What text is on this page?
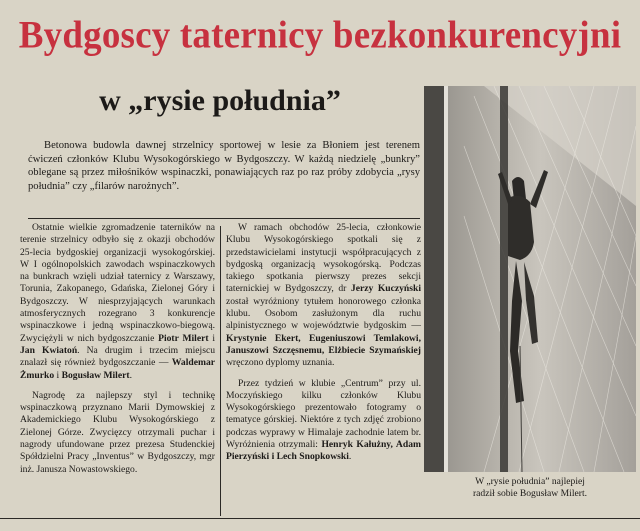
Bydgoscy taternicy bezkonkurencyjni
w „rysie południa”
Betonowa budowla dawnej strzelnicy sportowej w lesie za Błoniem jest terenem ćwiczeń członków Klubu Wysokogórskiego w Bydgoszczy. W każdą niedzielę „bunkry” oblegane są przez miłośników wspinaczki, ponawiających raz po raz próby zdobycia „rysy południa” czy „filarów narożnych”.

Ostatnie wielkie zgromadzenie taterników na terenie strzelnicy odbyło się z okazji obchodów 25-lecia bydgoskiej organizacji wysokogórskiej. W I ogólnopolskich zawodach wspinaczkowych na bunkrach wzięli udział taternicy z Warszawy, Torunia, Zakopanego, Gdańska, Zielonej Góry i Bydgoszczy. W niesprzyjających warunkach atmosferycznych rozegrano 3 konkurencje wspinaczkowe i jedną wspinaczkowo-biegową. Zwyciężyli w nich bydgoszczanie Piotr Milert i Jan Kwiatoń. Na drugim i trzecim miejscu znalazł się również bydgoszczanie — Waldemar Żmurko i Bogusław Milert.

Nagrodę za najlepszy styl i technikę wspinaczkową przyznano Marii Dymowskiej z Akademickiego Klubu Wysokogórskiego z Zielonej Górze. Zwycięzcy otrzymali puchar i nagrody ufundowane przez prezesa Studenckiej Spółdzielni Pracy „Inventus” w Bydgoszczy, mgr inż. Janusza Nowastowskiego.

W ramach obchodów 25-lecia, członkowie Klubu Wysokogórskiego spotkali się z przedstawicielami instytucji współpracujących z bydgoską organizacją wysokogórską. Podczas takiego spotkania pierwszy prezes sekcji taternickiej w Bydgoszczy, dr Jerzy Kuczyński został wyróżniony tytułem honorowego członka klubu. Osobom zasłużonym dla ruchu alpinistycznego w województwie bydgoskim — Krystynie Ekert, Eugeniuszowi Temlakowi, Januszowi Szczęsnemu, Elżbiecie Szymańskiej wręczono dyplomy uznania.

Przez tydzień w klubie „Centrum” przy ul. Moczyńskiego kilku członków Klubu Wysokogórskiego prezentowało fotogramy o tematyce górskiej. Niektóre z tych zdjęć zrobiono podczas wyprawy w Himalaje zachodnie latem br. Wyróżnienia otrzymali: Henryk Kałużny, Adam Pierzyński i Lech Snopkowski.

W „rysie południa” najlepiej
radził sobie Bogusław Milert.
